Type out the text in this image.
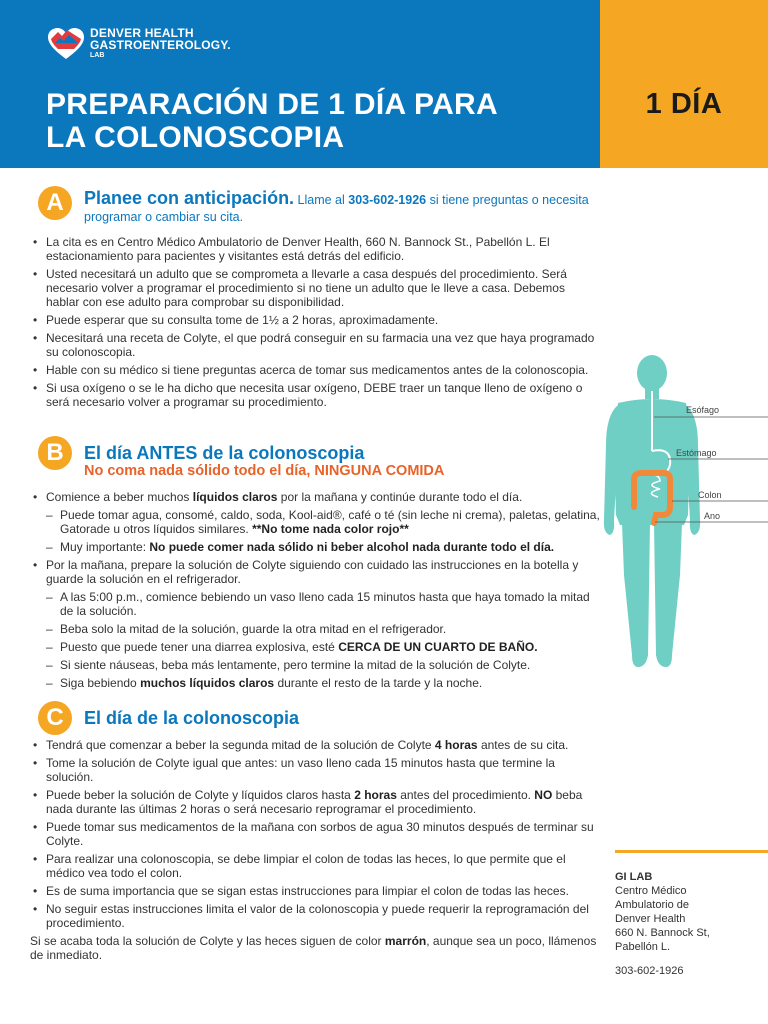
DENVER HEALTH
GASTROENTEROLOGY.
LAB
PREPARACIÓN DE 1 DÍA PARA
LA COLONOSCOPIA
1 DÍA
A	Planee con anticipación. Llame al 303-602-1926 si tiene preguntas o necesita programar o cambiar su cita.
• La cita es en Centro Médico Ambulatorio de Denver Health, 660 N. Bannock St., Pabellón L. El estacionamiento para pacientes y visitantes está detrás del edificio.
• Usted necesitará un adulto que se comprometa a llevarle a casa después del procedimiento. Será necesario volver a programar el procedimiento si no tiene un adulto que le lleve a casa. Debemos hablar con ese adulto para comprobar su disponibilidad.
• Puede esperar que su consulta tome de 1½ a 2 horas, aproximadamente.
• Necesitará una receta de Colyte, el que podrá conseguir en su farmacia una vez que haya programado su colonoscopia.
• Hable con su médico si tiene preguntas acerca de tomar sus medicamentos antes de la colonoscopia.
• Si usa oxígeno o se le ha dicho que necesita usar oxígeno, DEBE traer un tanque lleno de oxígeno o será necesario volver a programar su procedimiento.
B	El día ANTES de la colonoscopia
No coma nada sólido todo el día, NINGUNA COMIDA
• Comience a beber muchos líquidos claros por la mañana y continúe durante todo el día.
– Puede tomar agua, consomé, caldo, soda, Kool-aid®, café o té (sin leche ni crema), paletas, gelatina, Gatorade u otros líquidos similares. **No tome nada color rojo**
– Muy importante: No puede comer nada sólido ni beber alcohol nada durante todo el día.
• Por la mañana, prepare la solución de Colyte siguiendo con cuidado las instrucciones en la botella y guarde la solución en el refrigerador.
– A las 5:00 p.m., comience bebiendo un vaso lleno cada 15 minutos hasta que haya tomado la mitad de la solución.
– Beba solo la mitad de la solución, guarde la otra mitad en el refrigerador.
– Puesto que puede tener una diarrea explosiva, esté CERCA DE UN CUARTO DE BAÑO.
– Si siente náuseas, beba más lentamente, pero termine la mitad de la solución de Colyte.
– Siga bebiendo muchos líquidos claros durante el resto de la tarde y la noche.
C	El día de la colonoscopia
• Tendrá que comenzar a beber la segunda mitad de la solución de Colyte 4 horas antes de su cita.
• Tome la solución de Colyte igual que antes: un vaso lleno cada 15 minutos hasta que termine la solución.
• Puede beber la solución de Colyte y líquidos claros hasta 2 horas antes del procedimiento. NO beba nada durante las últimas 2 horas o será necesario reprogramar el procedimiento.
• Puede tomar sus medicamentos de la mañana con sorbos de agua 30 minutos después de terminar su Colyte.
• Para realizar una colonoscopia, se debe limpiar el colon de todas las heces, lo que permite que el médico vea todo el colon.
• Es de suma importancia que se sigan estas instrucciones para limpiar el colon de todas las heces.
• No seguir estas instrucciones limita el valor de la colonoscopia y puede requerir la reprogramación del procedimiento.
Si se acaba toda la solución de Colyte y las heces siguen de color marrón, aunque sea un poco, llámenos de inmediato.
Esófago
Estómago
Colon
Ano
GI LAB
Centro Médico
Ambulatorio de
Denver Health
660 N. Bannock St,
Pabellón L.
303-602-1926
